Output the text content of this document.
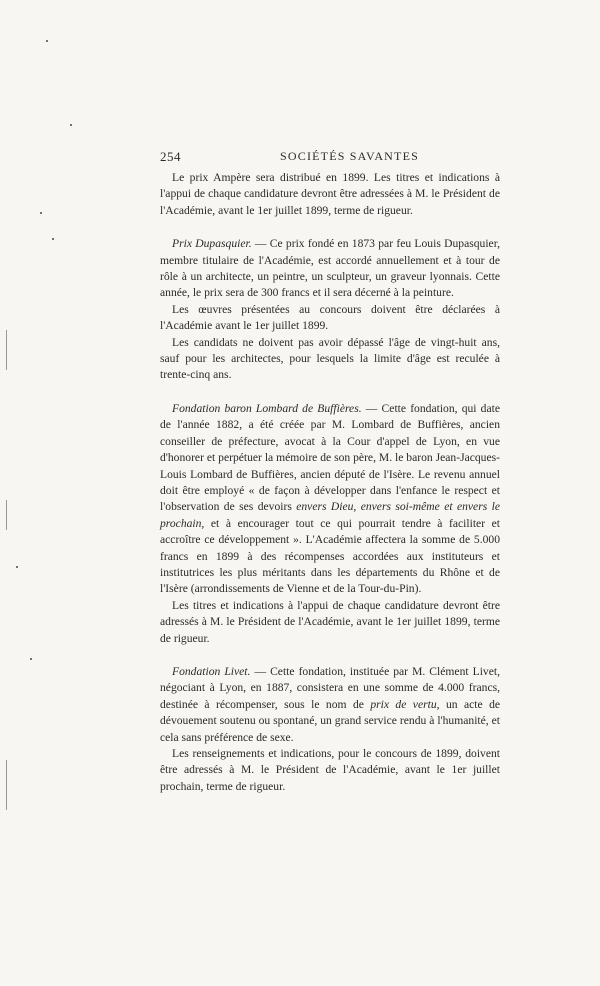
254	SOCIÉTÉS SAVANTES

Le prix Ampère sera distribué en 1899. Les titres et indications à l'appui de chaque candidature devront être adressées à M. le Président de l'Académie, avant le 1er juillet 1899, terme de rigueur.

Prix Dupasquier. — Ce prix fondé en 1873 par feu Louis Dupasquier, membre titulaire de l'Académie, est accordé annuellement et à tour de rôle à un architecte, un peintre, un sculpteur, un graveur lyonnais. Cette année, le prix sera de 300 francs et il sera décerné à la peinture.

Les œuvres présentées au concours doivent être déclarées à l'Académie avant le 1er juillet 1899.

Les candidats ne doivent pas avoir dépassé l'âge de vingt-huit ans, sauf pour les architectes, pour lesquels la limite d'âge est reculée à trente-cinq ans.

Fondation baron Lombard de Buffières. — Cette fondation, qui date de l'année 1882, a été créée par M. Lombard de Buffières, ancien conseiller de préfecture, avocat à la Cour d'appel de Lyon, en vue d'honorer et perpétuer la mémoire de son père, M. le baron Jean-Jacques-Louis Lombard de Buffières, ancien député de l'Isère. Le revenu annuel doit être employé « de façon à développer dans l'enfance le respect et l'observation de ses devoirs envers Dieu, envers soi-même et envers le prochain, et à encourager tout ce qui pourrait tendre à faciliter et accroître ce développement ». L'Académie affectera la somme de 5.000 francs en 1899 à des récompenses accordées aux instituteurs et institutrices les plus méritants dans les départements du Rhône et de l'Isère (arrondissements de Vienne et de la Tour-du-Pin).

Les titres et indications à l'appui de chaque candidature devront être adressés à M. le Président de l'Académie, avant le 1er juillet 1899, terme de rigueur.

Fondation Livet. — Cette fondation, instituée par M. Clément Livet, négociant à Lyon, en 1887, consistera en une somme de 4.000 francs, destinée à récompenser, sous le nom de prix de vertu, un acte de dévouement soutenu ou spontané, un grand service rendu à l'humanité, et cela sans préférence de sexe.

Les renseignements et indications, pour le concours de 1899, doivent être adressés à M. le Président de l'Académie, avant le 1er juillet prochain, terme de rigueur.
